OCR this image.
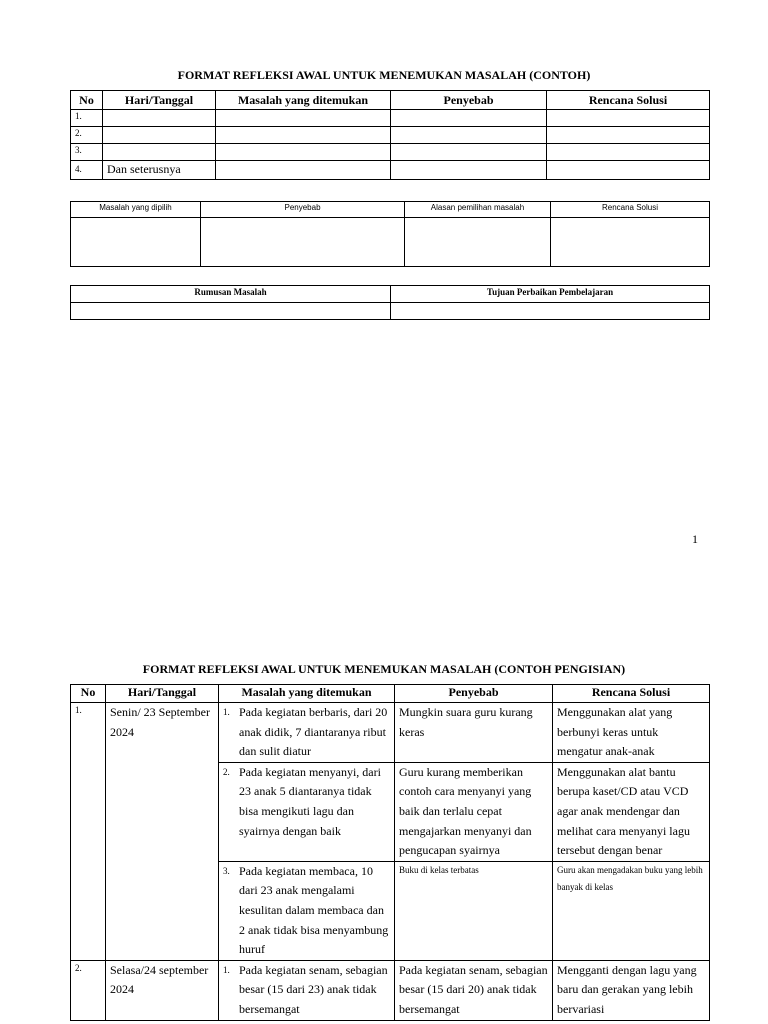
FORMAT REFLEKSI AWAL UNTUK MENEMUKAN MASALAH (CONTOH)
No	Hari/Tanggal	Masalah yang ditemukan	Penyebab	Rencana Solusi
1.				
2.				
3.				
4.	Dan seterusnya			
Masalah yang dipilih	Penyebab	Alasan pemilihan masalah	Rencana Solusi

Rumusan Masalah	Tujuan Perbaikan Pembelajaran

1
FORMAT REFLEKSI AWAL UNTUK MENEMUKAN MASALAH (CONTOH PENGISIAN)
No	Hari/Tanggal	Masalah yang ditemukan	Penyebab	Rencana Solusi
1.	Senin/ 23 September 2024	1. Pada kegiatan berbaris, dari 20 anak didik, 7 diantaranya ribut dan sulit diatur	Mungkin suara guru kurang keras	Menggunakan alat yang berbunyi keras untuk mengatur anak-anak

		2. Pada kegiatan menyanyi, dari 23 anak 5 diantaranya tidak bisa mengikuti lagu dan syairnya dengan baik	Guru kurang memberikan contoh cara menyanyi yang baik dan terlalu cepat mengajarkan menyanyi dan pengucapan syairnya	Menggunakan alat bantu berupa kaset/CD atau VCD agar anak mendengar dan melihat cara menyanyi lagu tersebut dengan benar

		3. Pada kegiatan membaca, 10 dari 23 anak mengalami kesulitan dalam membaca dan 2 anak tidak bisa menyambung huruf	Buku di kelas terbatas	Guru akan mengadakan buku yang lebih banyak di kelas
2.	Selasa/24 september 2024	1. Pada kegiatan senam, sebagian besar (15 dari 23) anak tidak bersemangat	Pada kegiatan senam, sebagian besar (15 dari 20) anak tidak bersemangat	Mengganti dengan lagu yang baru dan gerakan yang lebih bervariasi
